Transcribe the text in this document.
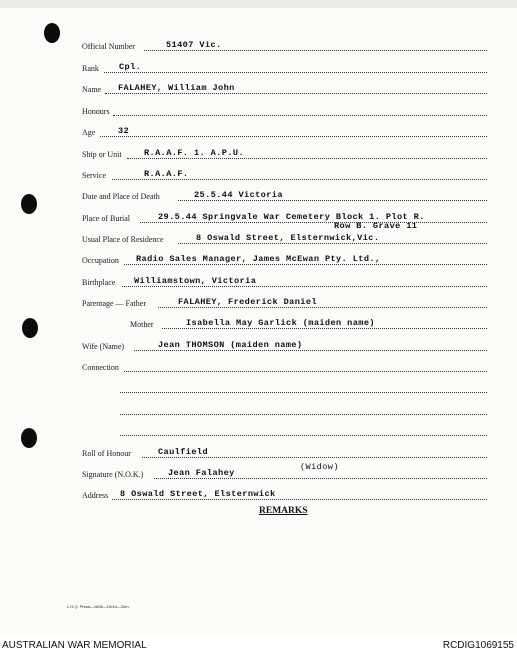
Official Number	51407 Vic.
Rank Cpl.
Name FALAHEY, William John
Honours
Age	32
Ship or Unit	R.A.A.F. 1. A.P.U.
Service	R.A.A.F.
Date and Place of Death	25.5.44 Victoria
Place of Burial	29.5.44 Springvale War Cemetery Block 1. Plot R.
Row B. Grave 11
Usual Place of Residence	8 Oswald Street, Elsternwick,Vic.
Occupation Radio Sales Manager, James McEwan Pty. Ltd.,
Birthplace Williamstown, Victoria
Parentage — Father	FALAHEY, Frederick Daniel
Mother	Isabella May Garlick (maiden name)
Wife (Name)	Jean THOMSON (maiden name)
Connection
Roll of Honour	Caulfield
Signature (N.O.K.)	Jean Falahey
(Widow)
Address 8 Oswald Street, Elsternwick
REMARKS
L.H.Q. Press—1655—10/44—20m.
AUSTRALIAN WAR MEMORIAL	RCDIG1069155
